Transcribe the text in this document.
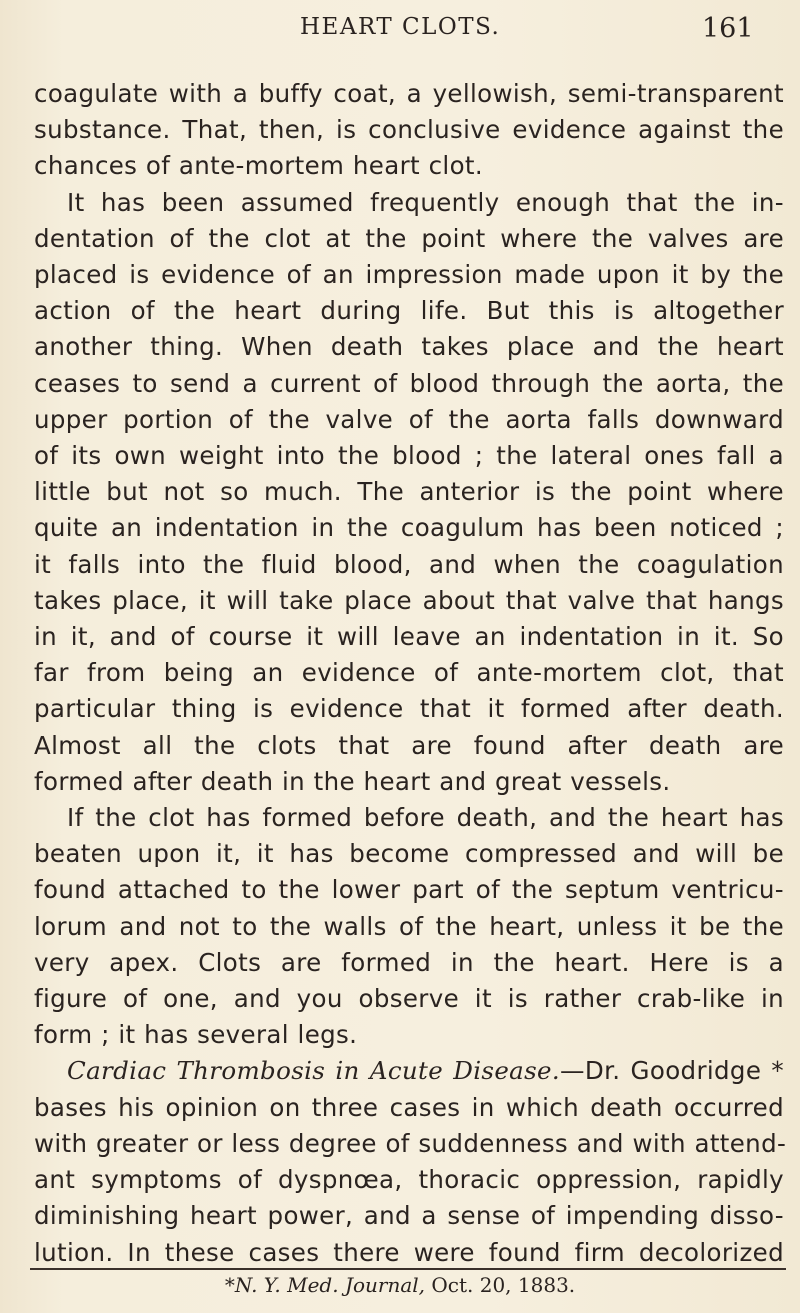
HEART CLOTS.	161
coagulate with a buffy coat, a yellowish, semi-transparent
substance. That, then, is conclusive evidence against the
chances of ante-mortem heart clot.
It has been assumed frequently enough that the in-
dentation of the clot at the point where the valves are
placed is evidence of an impression made upon it by the
action of the heart during life. But this is altogether
another thing. When death takes place and the heart
ceases to send a current of blood through the aorta, the
upper portion of the valve of the aorta falls downward
of its own weight into the blood ; the lateral ones fall a
little but not so much. The anterior is the point where
quite an indentation in the coagulum has been noticed ;
it falls into the fluid blood, and when the coagulation
takes place, it will take place about that valve that hangs
in it, and of course it will leave an indentation in it. So
far from being an evidence of ante-mortem clot, that
particular thing is evidence that it formed after death.
Almost all the clots that are found after death are
formed after death in the heart and great vessels.
If the clot has formed before death, and the heart has
beaten upon it, it has become compressed and will be
found attached to the lower part of the septum ventricu-
lorum and not to the walls of the heart, unless it be the
very apex. Clots are formed in the heart. Here is a
figure of one, and you observe it is rather crab-like in
form ; it has several legs.
Cardiac Thrombosis in Acute Disease.—Dr. Goodridge *
bases his opinion on three cases in which death occurred
with greater or less degree of suddenness and with attend-
ant symptoms of dyspnœa, thoracic oppression, rapidly
diminishing heart power, and a sense of impending disso-
lution. In these cases there were found firm decolorized
*N. Y. Med. Journal, Oct. 20, 1883.
